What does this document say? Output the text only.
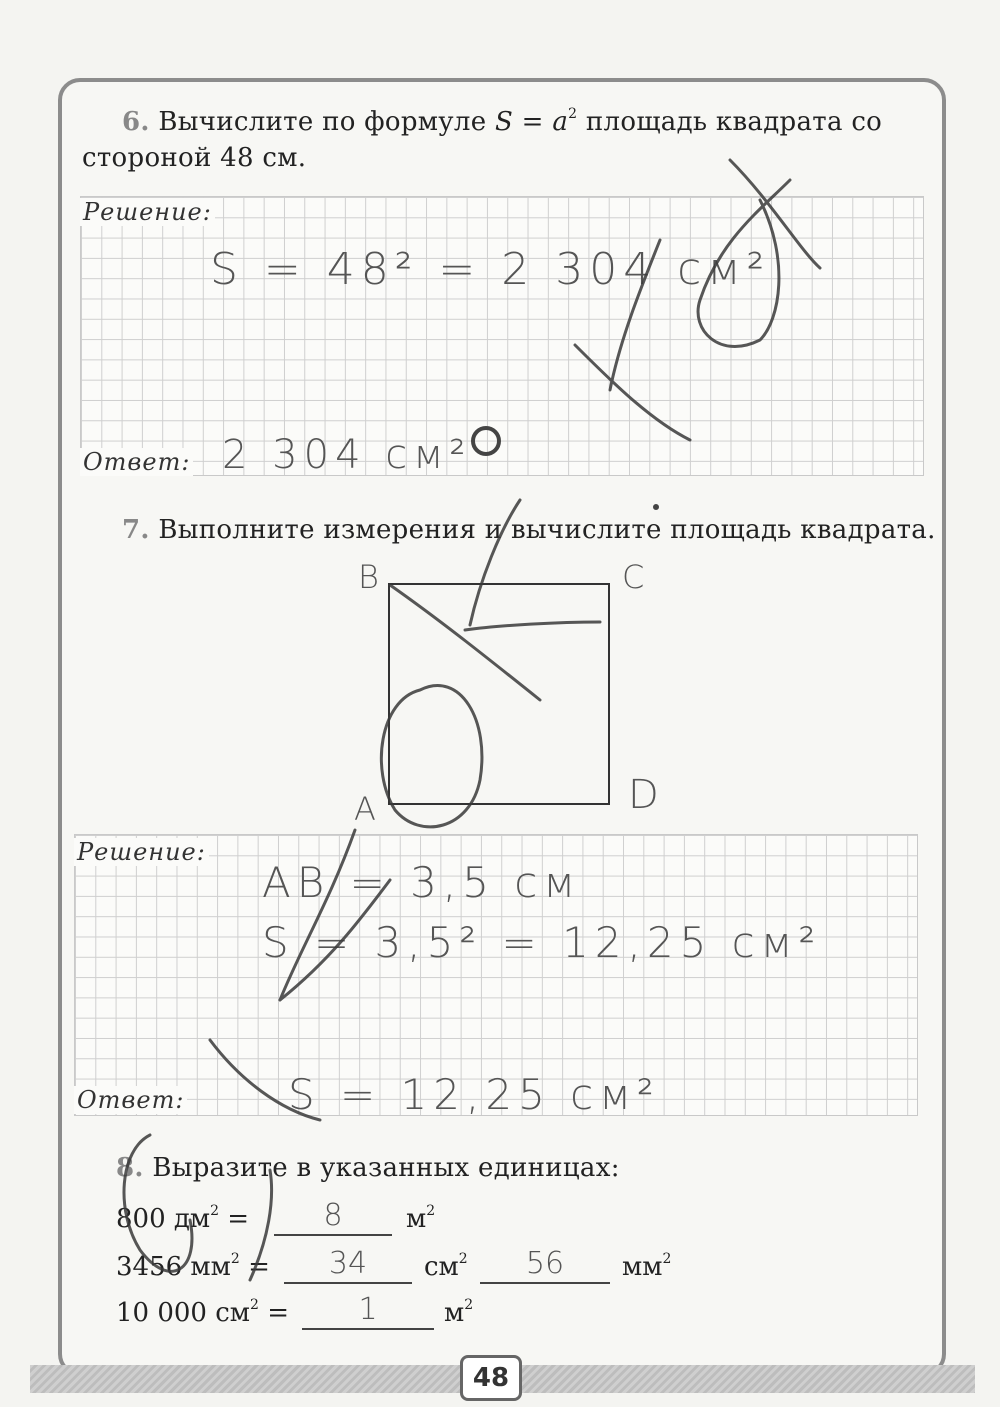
6. Вычислите по формуле $S = a^2$ площадь квадрата со
стороной 48 см.
Решение:
Ответ:
S = 48² = 2 304 см²
2 304 см²
7. Выполните измерения и вычислите площадь квадрата.
B	C
A	D
Решение:
Ответ:
AB = 3,5 см
S = 3,5² = 12,25 см²
S = 12,25 см²
8. Выразите в указанных единицах:
800 $дм^2$ =	8	$м^2$
3456 $мм^2$ =	34	$см^2$	56	$мм^2$
10 000 $см^2$ =	1	$м^2$
48
